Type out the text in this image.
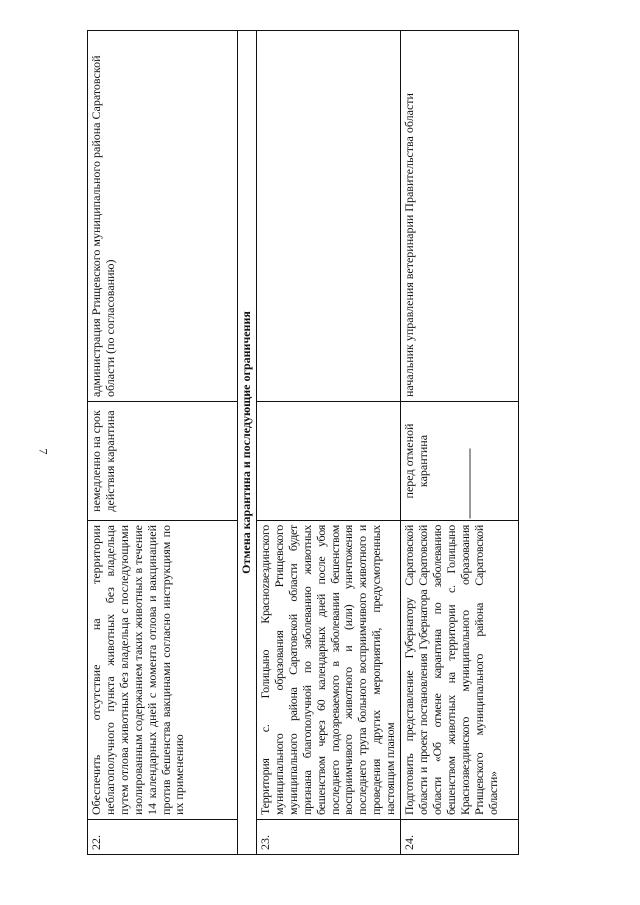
7
22.	Обеспечить отсутствие на территории неблагополучного пункта животных без владельца путем отлова животных без владельца с последующими изолированным содержанием таких животных в течение 14 календарных дней с момента отлова и вакцинацией против бешенства вакцинами согласно инструкциям по их применению	немедленно на срок действия карантина	администрация Ртищевского муниципального района Саратовской области (по согласованию)
Отмена карантина и последующие ограничения			
23.	Территория с. Голицыно Красноzвездинского муниципального образования Ртищевского муниципального района Саратовской области будет признана благополучной по заболеванию животных бешенством через 60 календарных дней после убоя последнего подозреваемого в заболевании бешенством восприимчивого животного и (или) уничтожения последнего трупа больного восприимчивого животного и проведения других мероприятий, предусмотренных настоящим планом		
24.	Подготовить представление Губернатору Саратовской области и проект постановления Губернатора Саратовской области «Об отмене карантина по заболеванию бешенством животных на территории с. Голицыно Краснозвездинского муниципального образования Ртищевского муниципального района Саратовской области»	перед отменой карантина	начальник управления ветеринарии Правительства области
